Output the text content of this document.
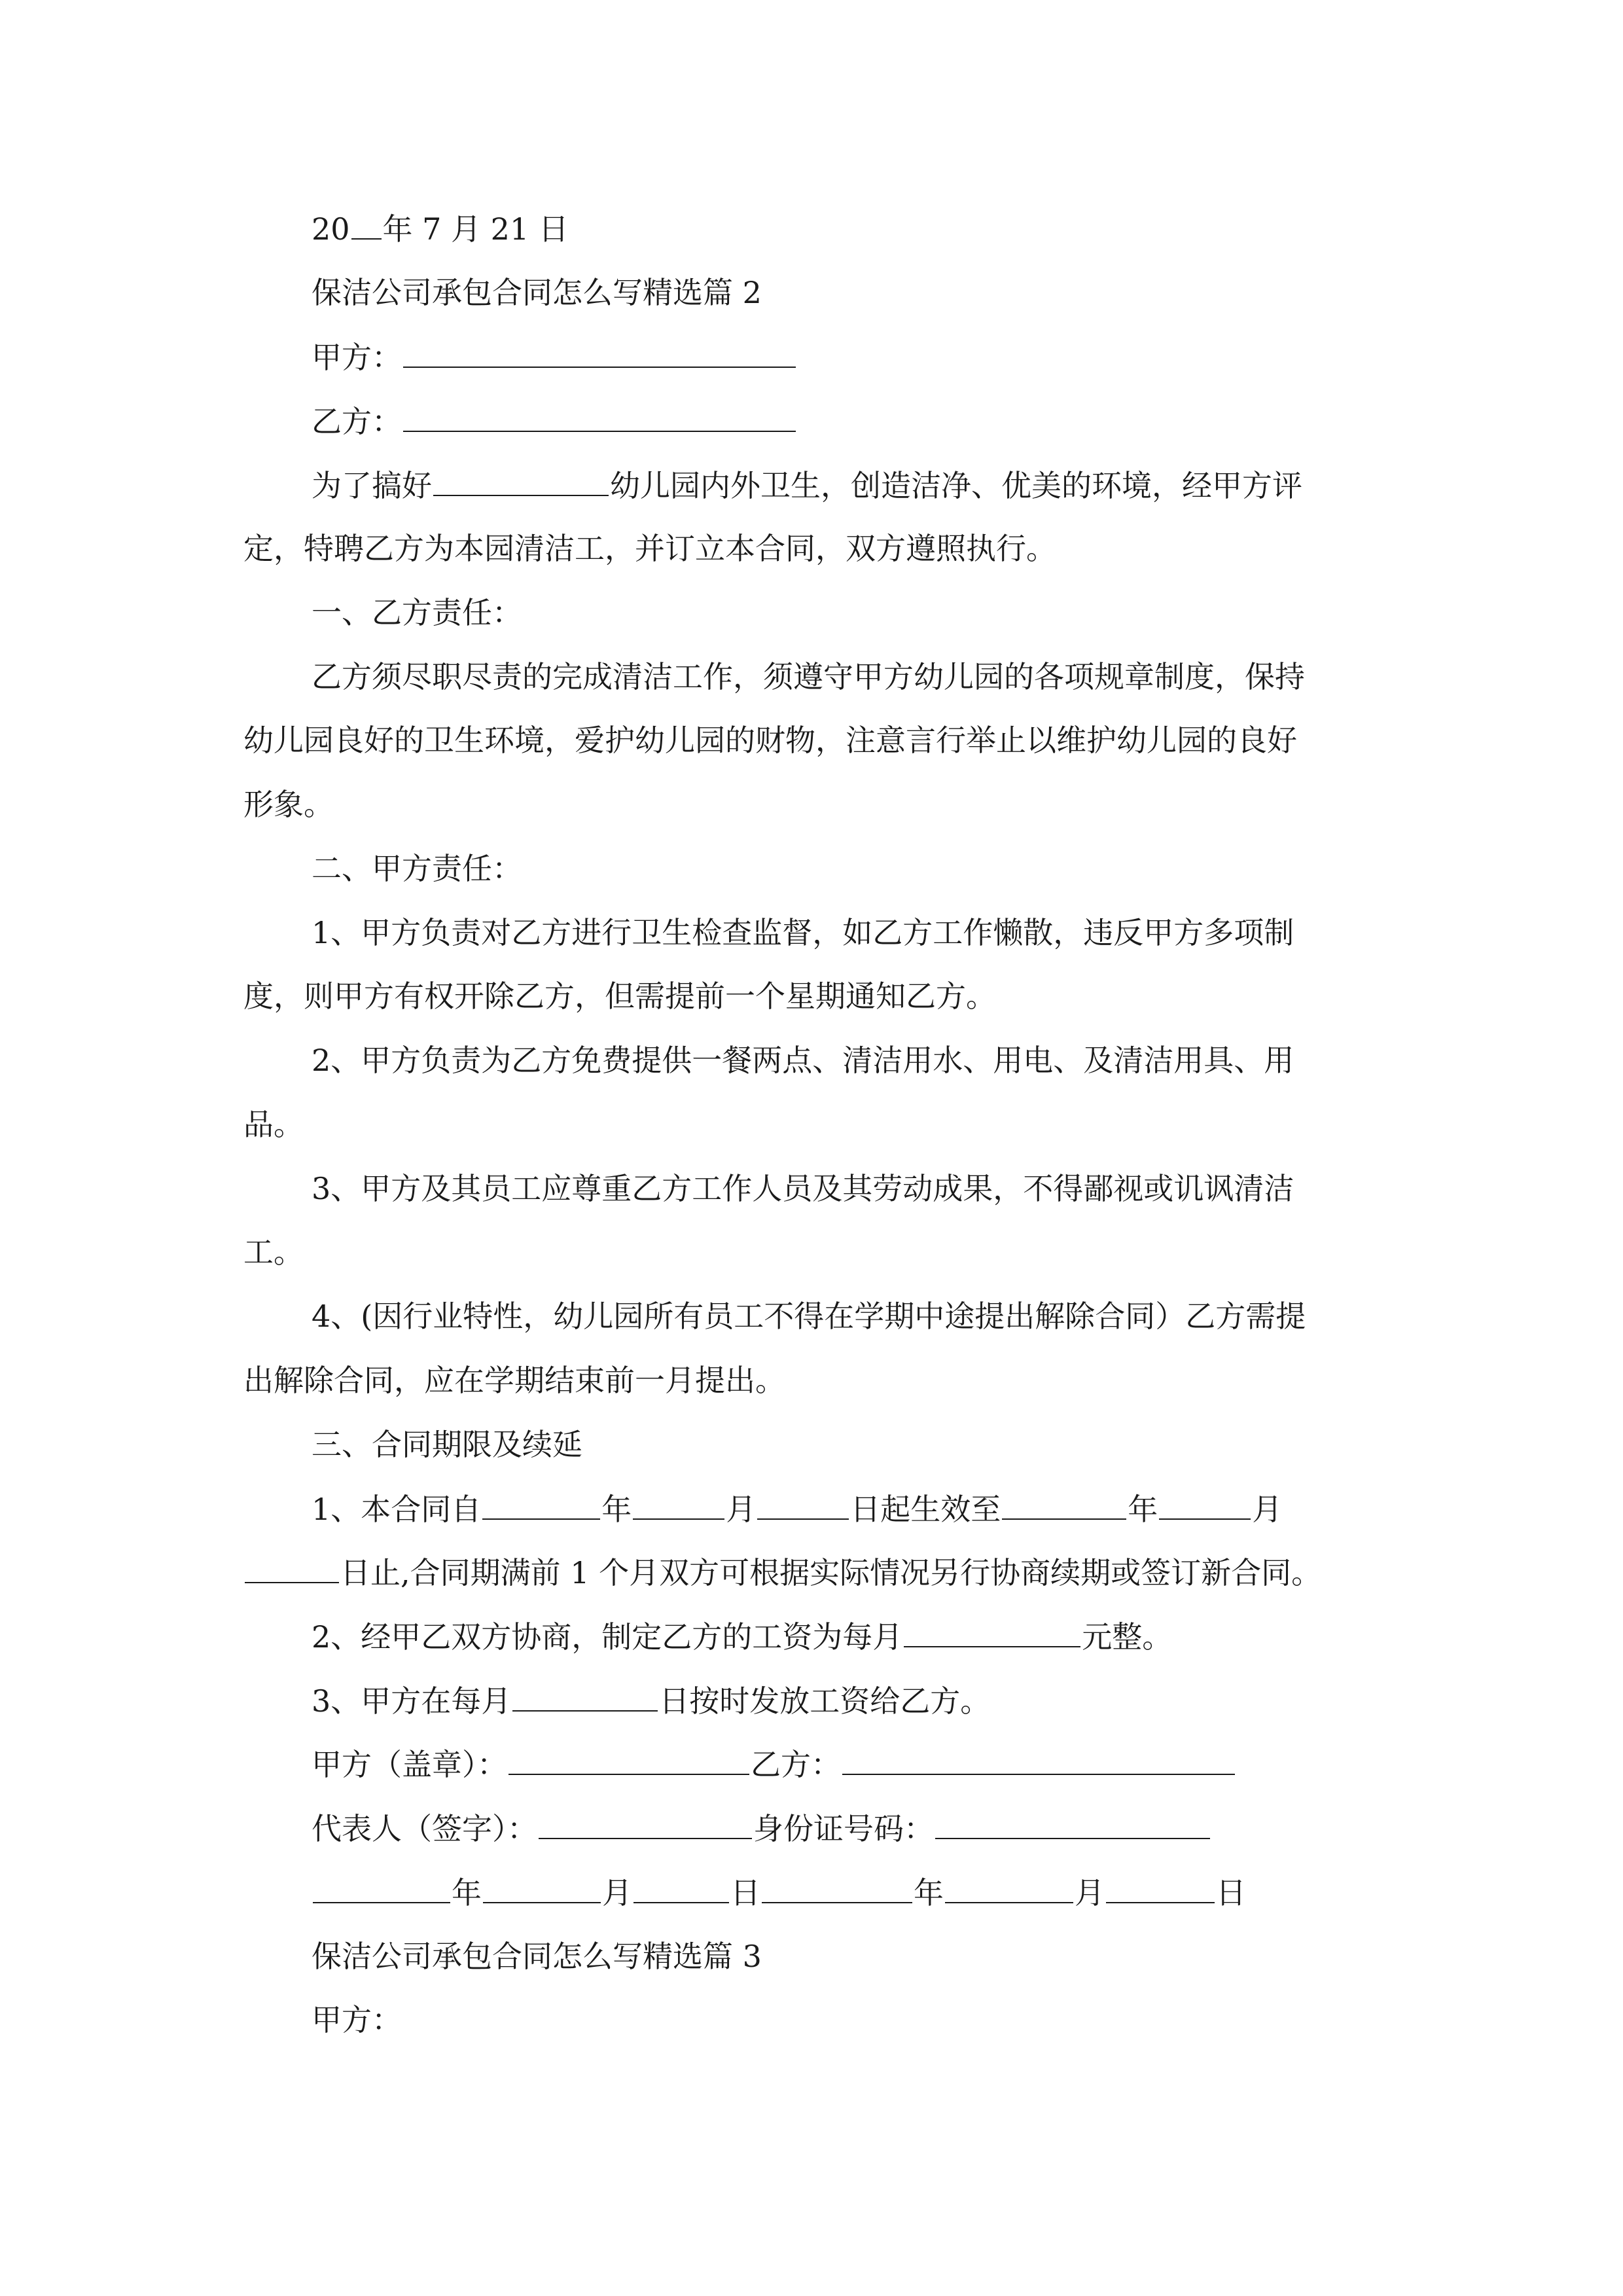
20 年 7 月 21 日
保洁公司承包合同怎么写精选篇 2
甲方：
乙方：
为了搞好	幼儿园内外卫生，创造洁净、优美的环境，经甲方评
定，特聘乙方为本园清洁工，并订立本合同，双方遵照执行。
一、乙方责任：
乙方须尽职尽责的完成清洁工作，须遵守甲方幼儿园的各项规章制度，保持
幼儿园良好的卫生环境，爱护幼儿园的财物，注意言行举止以维护幼儿园的良好
形象。
二、甲方责任：
1、甲方负责对乙方进行卫生检查监督，如乙方工作懒散，违反甲方多项制
度，则甲方有权开除乙方，但需提前一个星期通知乙方。
2、甲方负责为乙方免费提供一餐两点、清洁用水、用电、及清洁用具、用
品。
3、甲方及其员工应尊重乙方工作人员及其劳动成果，不得鄙视或讥讽清洁
工。
4、(因行业特性，幼儿园所有员工不得在学期中途提出解除合同）乙方需提
出解除合同，应在学期结束前一月提出。
三、合同期限及续延
1、本合同自	年	月	日起生效至	年	月
日止,合同期满前 1 个月双方可根据实际情况另行协商续期或签订新合同。
2、经甲乙双方协商，制定乙方的工资为每月	元整。
3、甲方在每月	日按时发放工资给乙方。
甲方（盖章）：	乙方：
代表人（签字）：	身份证号码：
年	月	日	年	月	日
保洁公司承包合同怎么写精选篇 3
甲方：
